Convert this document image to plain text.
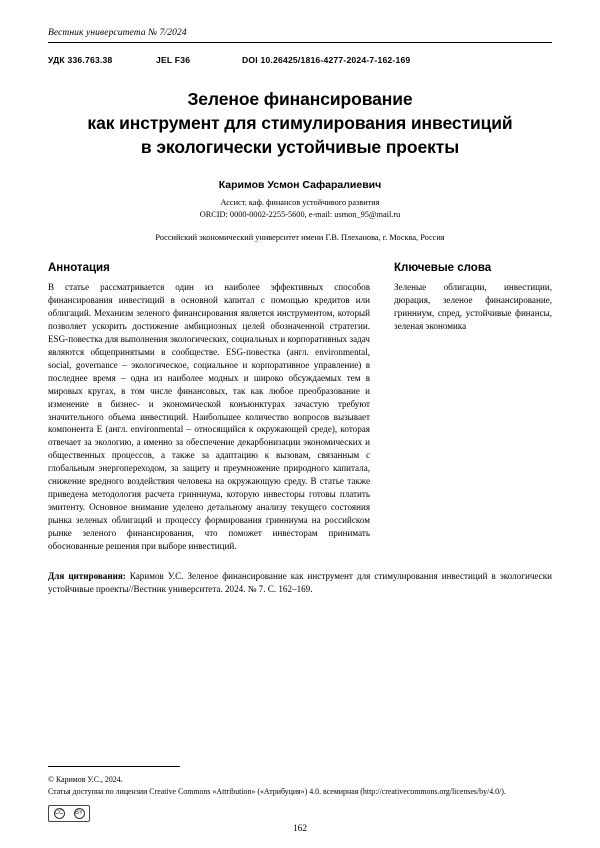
Вестник университета № 7/2024
УДК 336.763.38	JEL F36	DOI 10.26425/1816-4277-2024-7-162-169
Зеленое финансирование
как инструмент для стимулирования инвестиций
в экологически устойчивые проекты
Каримов Усмон Сафаралиевич
Ассист. каф. финансов устойчивого развития
ORCID: 0000-0002-2255-5600, e-mail: usmon_95@mail.ru
Российский экономический университет имени Г.В. Плеханова, г. Москва, Россия
Аннотация
В статье рассматривается один из наиболее эффективных способов финансирования инвестиций в основной капитал с помощью кредитов или облигаций. Механизм зеленого финансирования является инструментом, который позволяет ускорить достижение амбициозных целей обозначенной стратегии. ESG-повестка для выполнения экологических, социальных и корпоративных задач являются общепринятыми в сообществе. ESG-повестка (англ. environmental, social, governance – экологическое, социальное и корпоративное управление) в последнее время – одна из наиболее модных и широко обсуждаемых тем в мировых кругах, в том числе финансовых, так как любое преобразование и изменение в бизнес- и экономической конъюнктурах зачастую требуют значительного объема инвестиций. Наибольшее количество вопросов вызывает компонента E (англ. environmental – относящийся к окружающей среде), которая отвечает за экологию, а именно за обеспечение декарбонизации экономических и общественных процессов, а также за адаптацию к вызовам, связанным с глобальным энергопереходом, за защиту и преумножение природного капитала, снижение вредного воздействия человека на окружающую среду. В статье также приведена методология расчета гринниума, которую инвесторы готовы платить эмитенту. Основное внимание уделено детальному анализу текущего состояния рынка зеленых облигаций и процессу формирования гринниума на российском рынке зеленого финансирования, что поможет инвесторам принимать обоснованные решения при выборе инвестиций.
Ключевые слова
Зеленые облигации, инвестиции, дюрация, зеленое финансирование, гринниум, спред, устойчивые финансы, зеленая экономика
Для цитирования: Каримов У.С. Зеленое финансирование как инструмент для стимулирования инвестиций в экологически устойчивые проекты//Вестник университета. 2024. № 7. С. 162–169.
© Каримов У.С., 2024.
Статья доступна по лицензии Creative Commons «Attribution» («Атрибуция») 4.0. всемирная (http://creativecommons.org/licenses/by/4.0/).
CC BY
162
